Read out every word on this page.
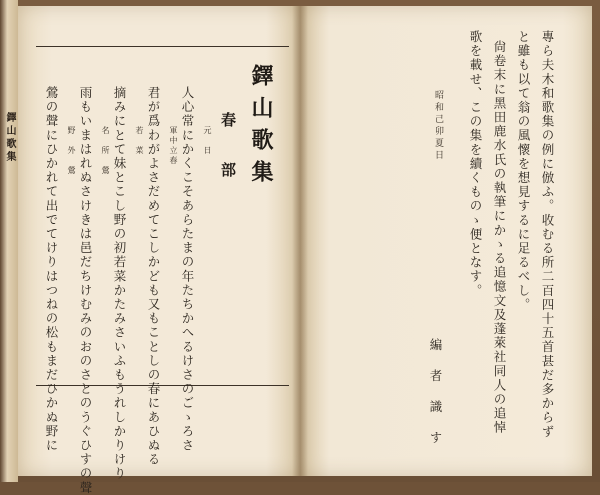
鐸山歌集	鐸山歌集
春　部
元　日
人心常にかくこそあらたまの年たちかへるけさのごゝろさ
軍中立春
君が爲わがよさだめてこしかども又もことしの春にあひぬる
若　菜
摘みにとて妹とこし野の初若菜かたみさいふもうれしかりけり
名　所　鶯
雨もいまはれぬさけきは邑だちけむみのおのさとのうぐひすの聲
野　外　鶯
鶯の聲にひかれて出でてけりはつねの松もまだひかぬ野に	專ら夫木和歌集の例に倣ふ。收むる所二百四十五首甚だ多からず
と雖も以て翁の風懷を想見するに足るべし。
尙卷末に黑田鹿水氏の執筆にかゝる追憶文及蓬萊社同人の追悼
歌を載せ、この集を續くものゝ便となす。
昭和己卯夏日
編　者　識　す
